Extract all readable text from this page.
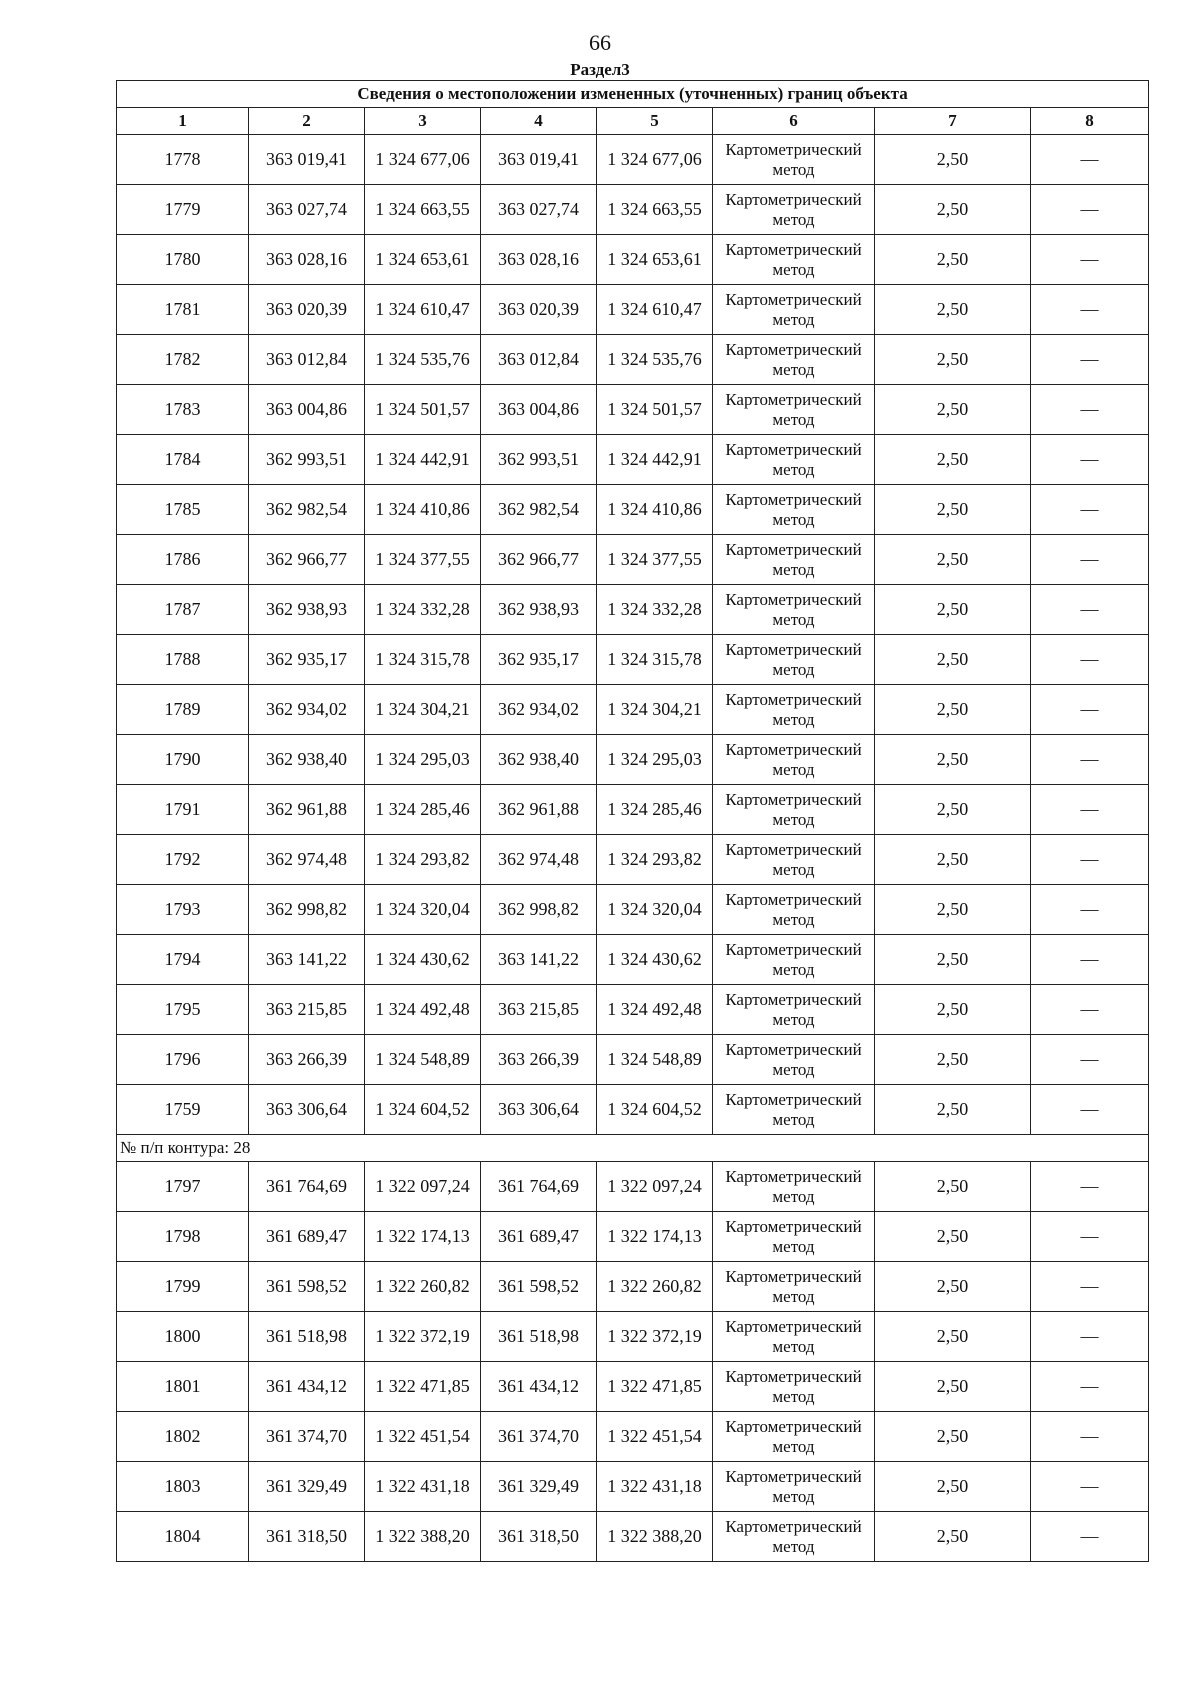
66
Раздел3
Сведения о местоположении измененных (уточненных) границ объекта							
1	2	3	4	5	6	7	8
1778	363 019,41	1 324 677,06	363 019,41	1 324 677,06	Картометрический метод	2,50	—
1779	363 027,74	1 324 663,55	363 027,74	1 324 663,55	Картометрический метод	2,50	—
1780	363 028,16	1 324 653,61	363 028,16	1 324 653,61	Картометрический метод	2,50	—
1781	363 020,39	1 324 610,47	363 020,39	1 324 610,47	Картометрический метод	2,50	—
1782	363 012,84	1 324 535,76	363 012,84	1 324 535,76	Картометрический метод	2,50	—
1783	363 004,86	1 324 501,57	363 004,86	1 324 501,57	Картометрический метод	2,50	—
1784	362 993,51	1 324 442,91	362 993,51	1 324 442,91	Картометрический метод	2,50	—
1785	362 982,54	1 324 410,86	362 982,54	1 324 410,86	Картометрический метод	2,50	—
1786	362 966,77	1 324 377,55	362 966,77	1 324 377,55	Картометрический метод	2,50	—
1787	362 938,93	1 324 332,28	362 938,93	1 324 332,28	Картометрический метод	2,50	—
1788	362 935,17	1 324 315,78	362 935,17	1 324 315,78	Картометрический метод	2,50	—
1789	362 934,02	1 324 304,21	362 934,02	1 324 304,21	Картометрический метод	2,50	—
1790	362 938,40	1 324 295,03	362 938,40	1 324 295,03	Картометрический метод	2,50	—
1791	362 961,88	1 324 285,46	362 961,88	1 324 285,46	Картометрический метод	2,50	—
1792	362 974,48	1 324 293,82	362 974,48	1 324 293,82	Картометрический метод	2,50	—
1793	362 998,82	1 324 320,04	362 998,82	1 324 320,04	Картометрический метод	2,50	—
1794	363 141,22	1 324 430,62	363 141,22	1 324 430,62	Картометрический метод	2,50	—
1795	363 215,85	1 324 492,48	363 215,85	1 324 492,48	Картометрический метод	2,50	—
1796	363 266,39	1 324 548,89	363 266,39	1 324 548,89	Картометрический метод	2,50	—
1759	363 306,64	1 324 604,52	363 306,64	1 324 604,52	Картометрический метод	2,50	—
№ п/п контура: 28							
1797	361 764,69	1 322 097,24	361 764,69	1 322 097,24	Картометрический метод	2,50	—
1798	361 689,47	1 322 174,13	361 689,47	1 322 174,13	Картометрический метод	2,50	—
1799	361 598,52	1 322 260,82	361 598,52	1 322 260,82	Картометрический метод	2,50	—
1800	361 518,98	1 322 372,19	361 518,98	1 322 372,19	Картометрический метод	2,50	—
1801	361 434,12	1 322 471,85	361 434,12	1 322 471,85	Картометрический метод	2,50	—
1802	361 374,70	1 322 451,54	361 374,70	1 322 451,54	Картометрический метод	2,50	—
1803	361 329,49	1 322 431,18	361 329,49	1 322 431,18	Картометрический метод	2,50	—
1804	361 318,50	1 322 388,20	361 318,50	1 322 388,20	Картометрический метод	2,50	—
